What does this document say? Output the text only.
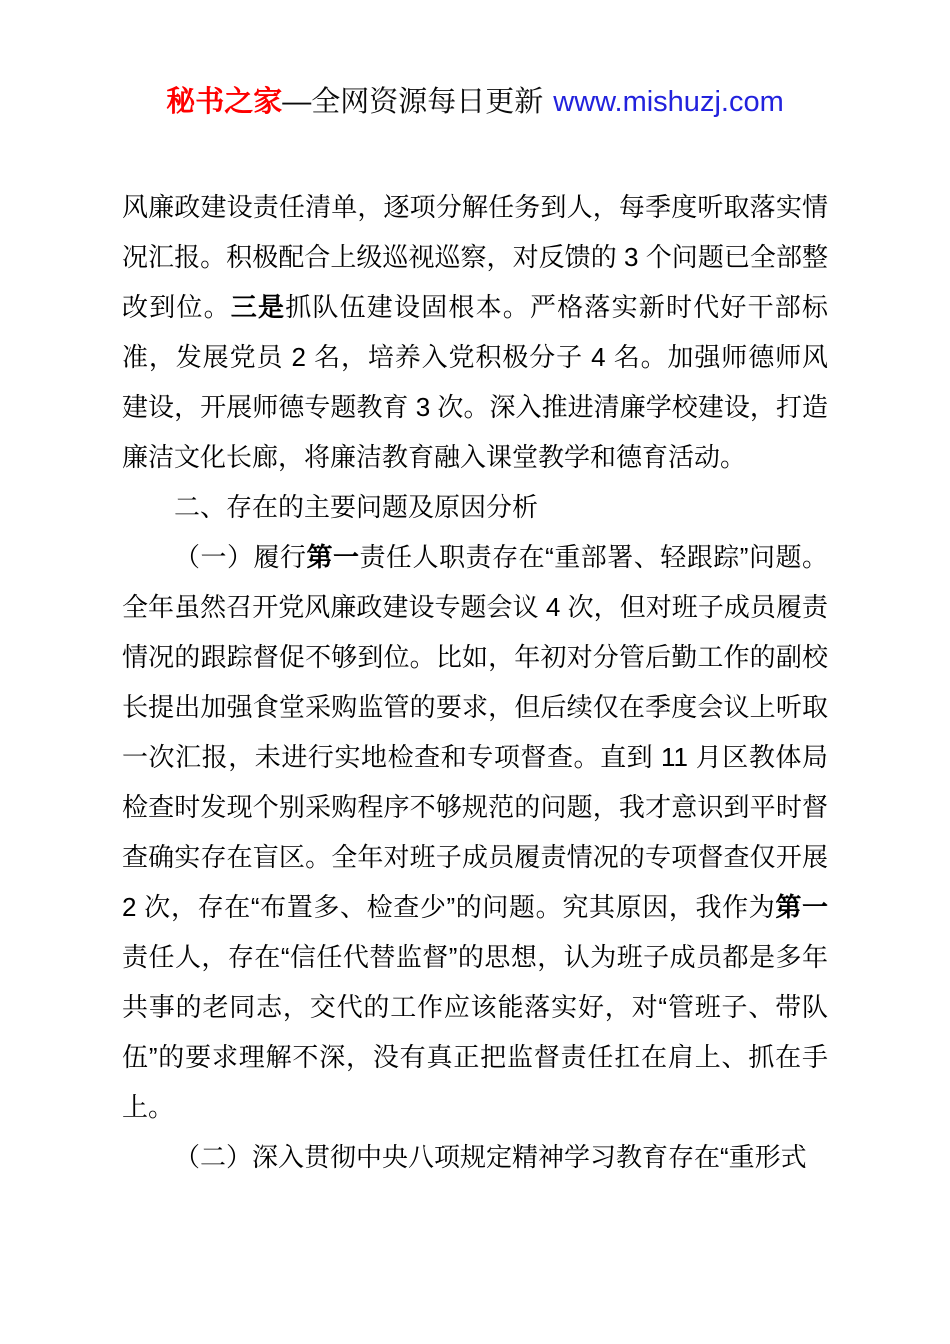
秘书之家—全网资源每日更新 www.mishuzj.com

风廉政建设责任清单，逐项分解任务到人，每季度听取落实情况汇报。积极配合上级巡视巡察，对反馈的 3 个问题已全部整改到位。三是抓队伍建设固根本。严格落实新时代好干部标准，发展党员 2 名，培养入党积极分子 4 名。加强师德师风建设，开展师德专题教育 3 次。深入推进清廉学校建设，打造廉洁文化长廊，将廉洁教育融入课堂教学和德育活动。

二、存在的主要问题及原因分析

（一）履行第一责任人职责存在“重部署、轻跟踪”问题。全年虽然召开党风廉政建设专题会议 4 次，但对班子成员履责情况的跟踪督促不够到位。比如，年初对分管后勤工作的副校长提出加强食堂采购监管的要求，但后续仅在季度会议上听取一次汇报，未进行实地检查和专项督查。直到 11 月区教体局检查时发现个别采购程序不够规范的问题，我才意识到平时督查确实存在盲区。全年对班子成员履责情况的专项督查仅开展 2 次，存在“布置多、检查少”的问题。究其原因，我作为第一责任人，存在“信任代替监督”的思想，认为班子成员都是多年共事的老同志，交代的工作应该能落实好，对“管班子、带队伍”的要求理解不深，没有真正把监督责任扛在肩上、抓在手上。

（二）深入贯彻中央八项规定精神学习教育存在“重形式
